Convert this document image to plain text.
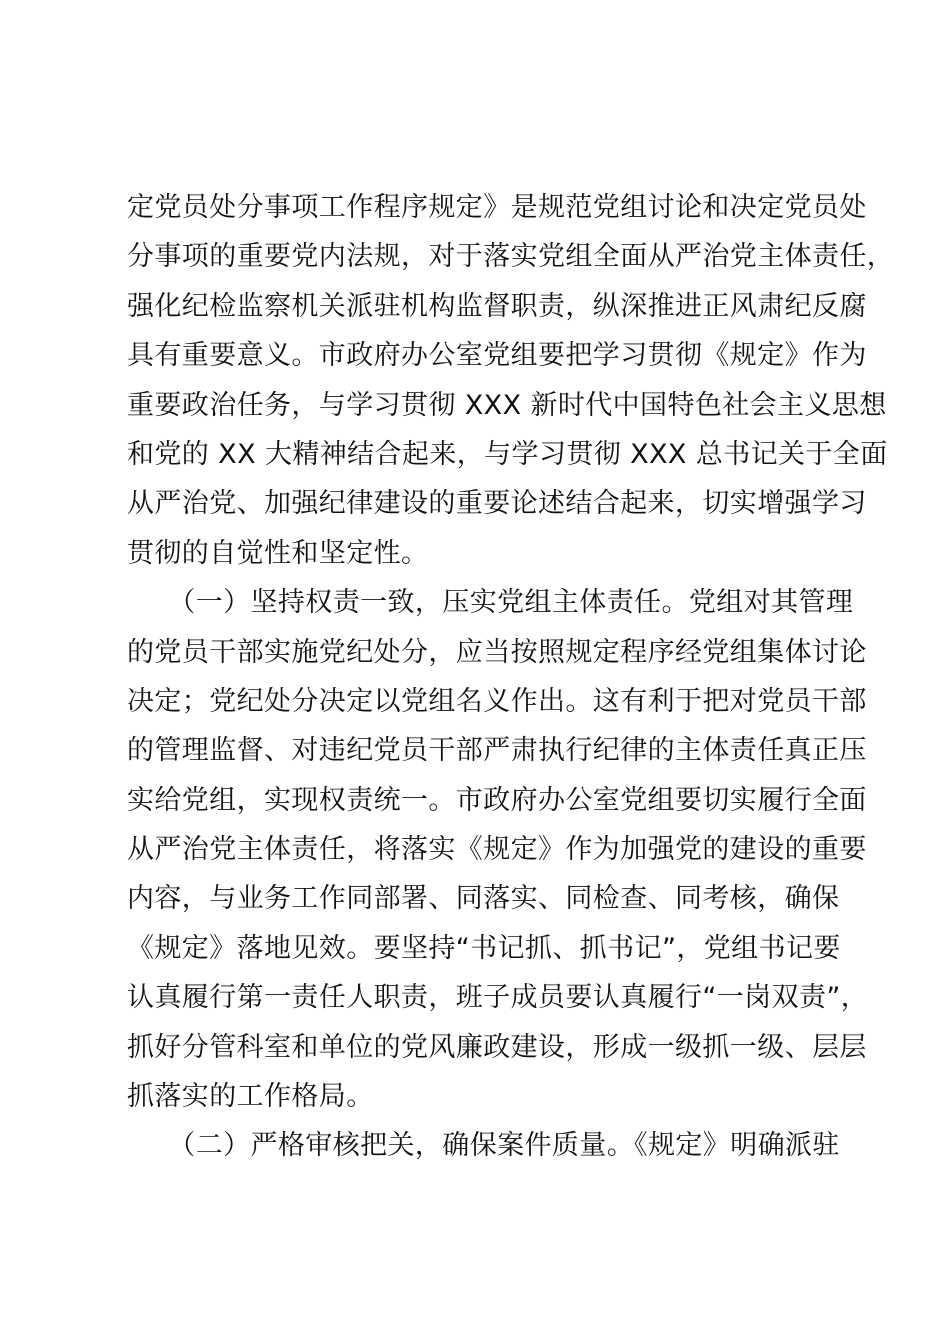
定党员处分事项工作程序规定》是规范党组讨论和决定党员处
分事项的重要党内法规，对于落实党组全面从严治党主体责任，
强化纪检监察机关派驻机构监督职责，纵深推进正风肃纪反腐
具有重要意义。市政府办公室党组要把学习贯彻《规定》作为
重要政治任务，与学习贯彻 XXX 新时代中国特色社会主义思想
和党的 XX 大精神结合起来，与学习贯彻 XXX 总书记关于全面
从严治党、加强纪律建设的重要论述结合起来，切实增强学习
贯彻的自觉性和坚定性。
　　（一）坚持权责一致，压实党组主体责任。党组对其管理
的党员干部实施党纪处分，应当按照规定程序经党组集体讨论
决定；党纪处分决定以党组名义作出。这有利于把对党员干部
的管理监督、对违纪党员干部严肃执行纪律的主体责任真正压
实给党组，实现权责统一。市政府办公室党组要切实履行全面
从严治党主体责任，将落实《规定》作为加强党的建设的重要
内容，与业务工作同部署、同落实、同检查、同考核，确保
《规定》落地见效。要坚持“书记抓、抓书记”，党组书记要
认真履行第一责任人职责，班子成员要认真履行“一岗双责”，
抓好分管科室和单位的党风廉政建设，形成一级抓一级、层层
抓落实的工作格局。
　　（二）严格审核把关，确保案件质量。《规定》明确派驻
